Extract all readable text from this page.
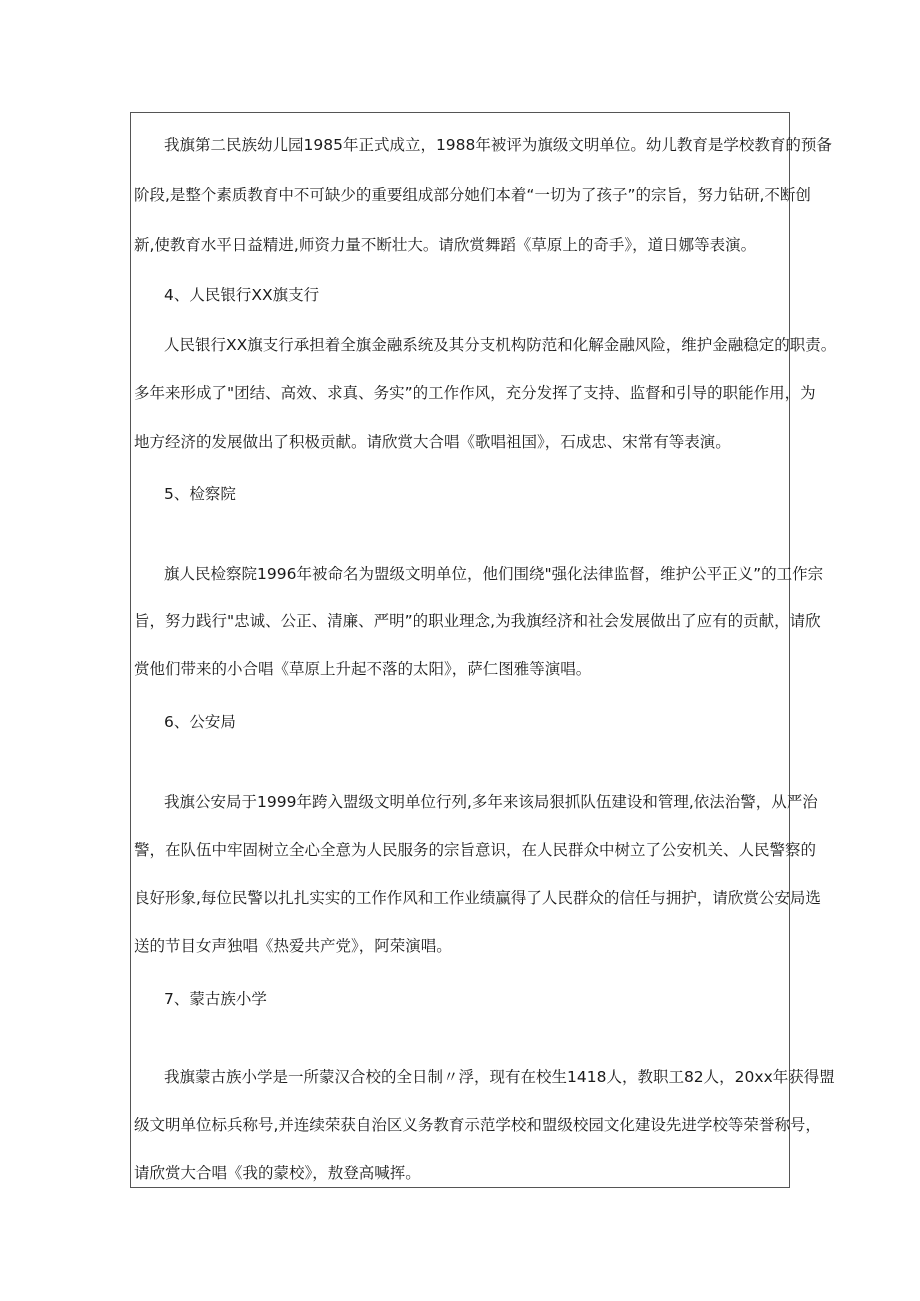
我旗第二民族幼儿园1985年正式成立，1988年被评为旗级文明单位。幼儿教育是学校教育的预备
阶段,是整个素质教育中不可缺少的重要组成部分她们本着“一切为了孩子”的宗旨，努力钻研,不断创
新,使教育水平日益精进,师资力量不断壮大。请欣赏舞蹈《草原上的奇手》，道日娜等表演。
4、人民银行XX旗支行
人民银行XX旗支行承担着全旗金融系统及其分支机构防范和化解金融风险，维护金融稳定的职责。
多年来形成了"团结、高效、求真、务实”的工作作风，充分发挥了支持、监督和引导的职能作用，为
地方经济的发展做出了积极贡献。请欣赏大合唱《歌唱祖国》，石成忠、宋常有等表演。
5、检察院
旗人民检察院1996年被命名为盟级文明单位，他们围绕"强化法律监督，维护公平正义”的工作宗
旨，努力践行"忠诚、公正、清廉、严明”的职业理念,为我旗经济和社会发展做出了应有的贡献，请欣
赏他们带来的小合唱《草原上升起不落的太阳》，萨仁图雅等演唱。
6、公安局
我旗公安局于1999年跨入盟级文明单位行列,多年来该局狠抓队伍建设和管理,依法治警，从严治
警，在队伍中牢固树立全心全意为人民服务的宗旨意识，在人民群众中树立了公安机关、人民警察的
良好形象,每位民警以扎扎实实的工作作风和工作业绩赢得了人民群众的信任与拥护，请欣赏公安局选
送的节目女声独唱《热爱共产党》，阿荣演唱。
7、蒙古族小学
我旗蒙古族小学是一所蒙汉合校的全日制〃浮，现有在校生1418人，教职工82人，20xx年获得盟
级文明单位标兵称号,并连续荣获自治区义务教育示范学校和盟级校园文化建设先进学校等荣誉称号，
请欣赏大合唱《我的蒙校》，敖登高喊挥。
